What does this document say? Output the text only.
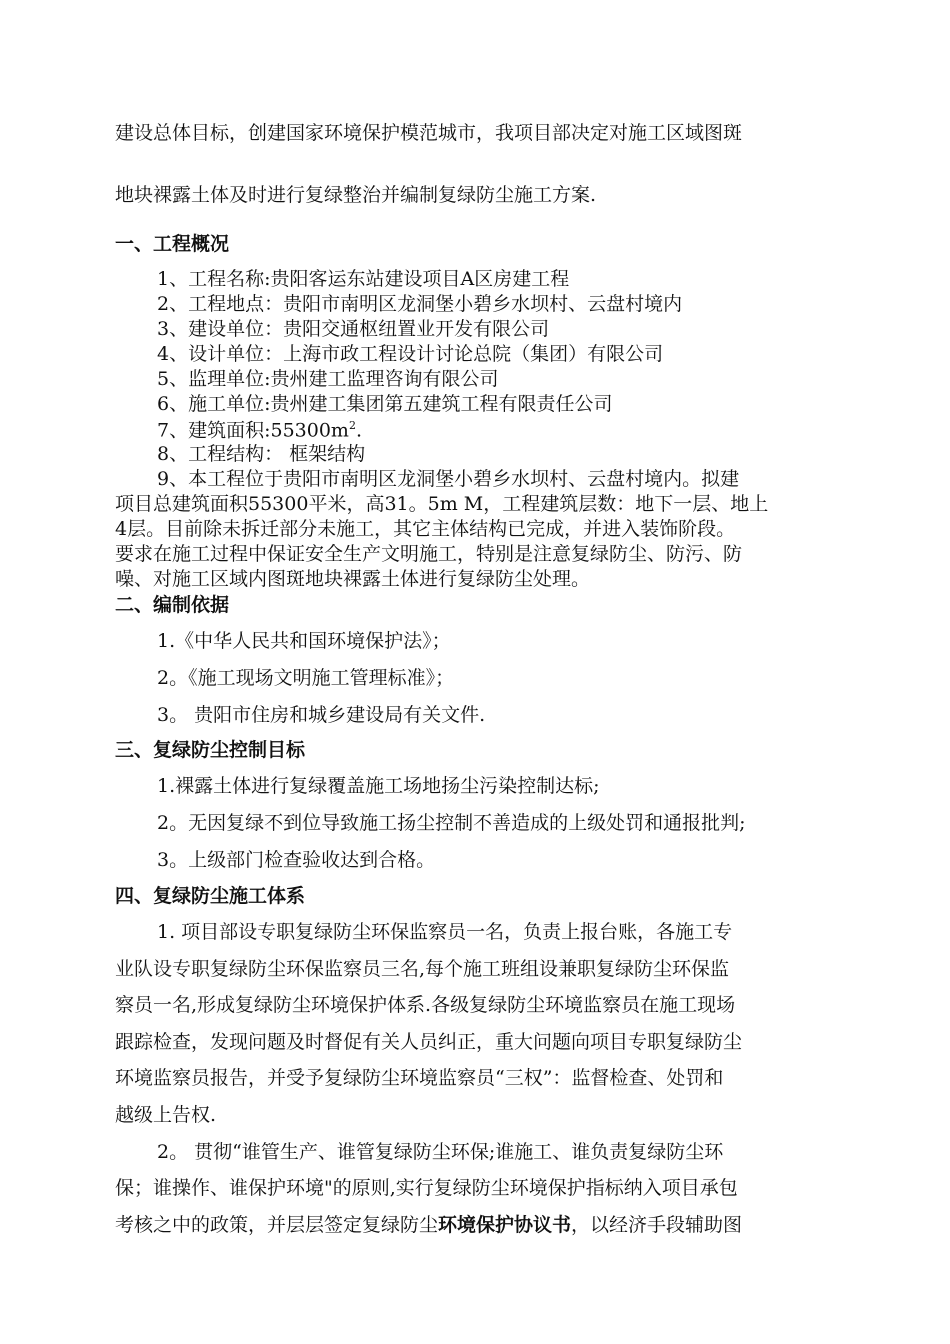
建设总体目标，创建国家环境保护模范城市，我项目部决定对施工区域图斑
地块裸露土体及时进行复绿整治并编制复绿防尘施工方案.
一、工程概况
1、工程名称:贵阳客运东站建设项目A区房建工程
2、工程地点：贵阳市南明区龙洞堡小碧乡水坝村、云盘村境内
3、建设单位：贵阳交通枢纽置业开发有限公司
4、设计单位：上海市政工程设计讨论总院（集团）有限公司
5、监理单位:贵州建工监理咨询有限公司
6、施工单位:贵州建工集团第五建筑工程有限责任公司
7、建筑面积$:55300m^2$.
8、工程结构： 框架结构
9、本工程位于贵阳市南明区龙洞堡小碧乡水坝村、云盘村境内。拟建
项目总建筑面积55300平米，高31。5m M，工程建筑层数：地下一层、地上
4层。目前除未拆迁部分未施工，其它主体结构已完成，并进入装饰阶段。
要求在施工过程中保证安全生产文明施工，特别是注意复绿防尘、防污、防
噪、对施工区域内图斑地块裸露土体进行复绿防尘处理。
二、编制依据
1.《中华人民共和国环境保护法》；
2。《施工现场文明施工管理标准》；
3。 贵阳市住房和城乡建设局有关文件.
三、复绿防尘控制目标
1.裸露土体进行复绿覆盖施工场地扬尘污染控制达标;
2。无因复绿不到位导致施工扬尘控制不善造成的上级处罚和通报批判;
3。上级部门检查验收达到合格。
四、复绿防尘施工体系
1. 项目部设专职复绿防尘环保监察员一名，负责上报台账，各施工专
业队设专职复绿防尘环保监察员三名,每个施工班组设兼职复绿防尘环保监
察员一名,形成复绿防尘环境保护体系.各级复绿防尘环境监察员在施工现场
跟踪检查，发现问题及时督促有关人员纠正，重大问题向项目专职复绿防尘
环境监察员报告，并受予复绿防尘环境监察员“三权”：监督检查、处罚和
越级上告权.
2。 贯彻“谁管生产、谁管复绿防尘环保;谁施工、谁负责复绿防尘环
保；谁操作、谁保护环境"的原则,实行复绿防尘环境保护指标纳入项目承包
考核之中的政策，并层层签定复绿防尘环境保护协议书，以经济手段辅助图
